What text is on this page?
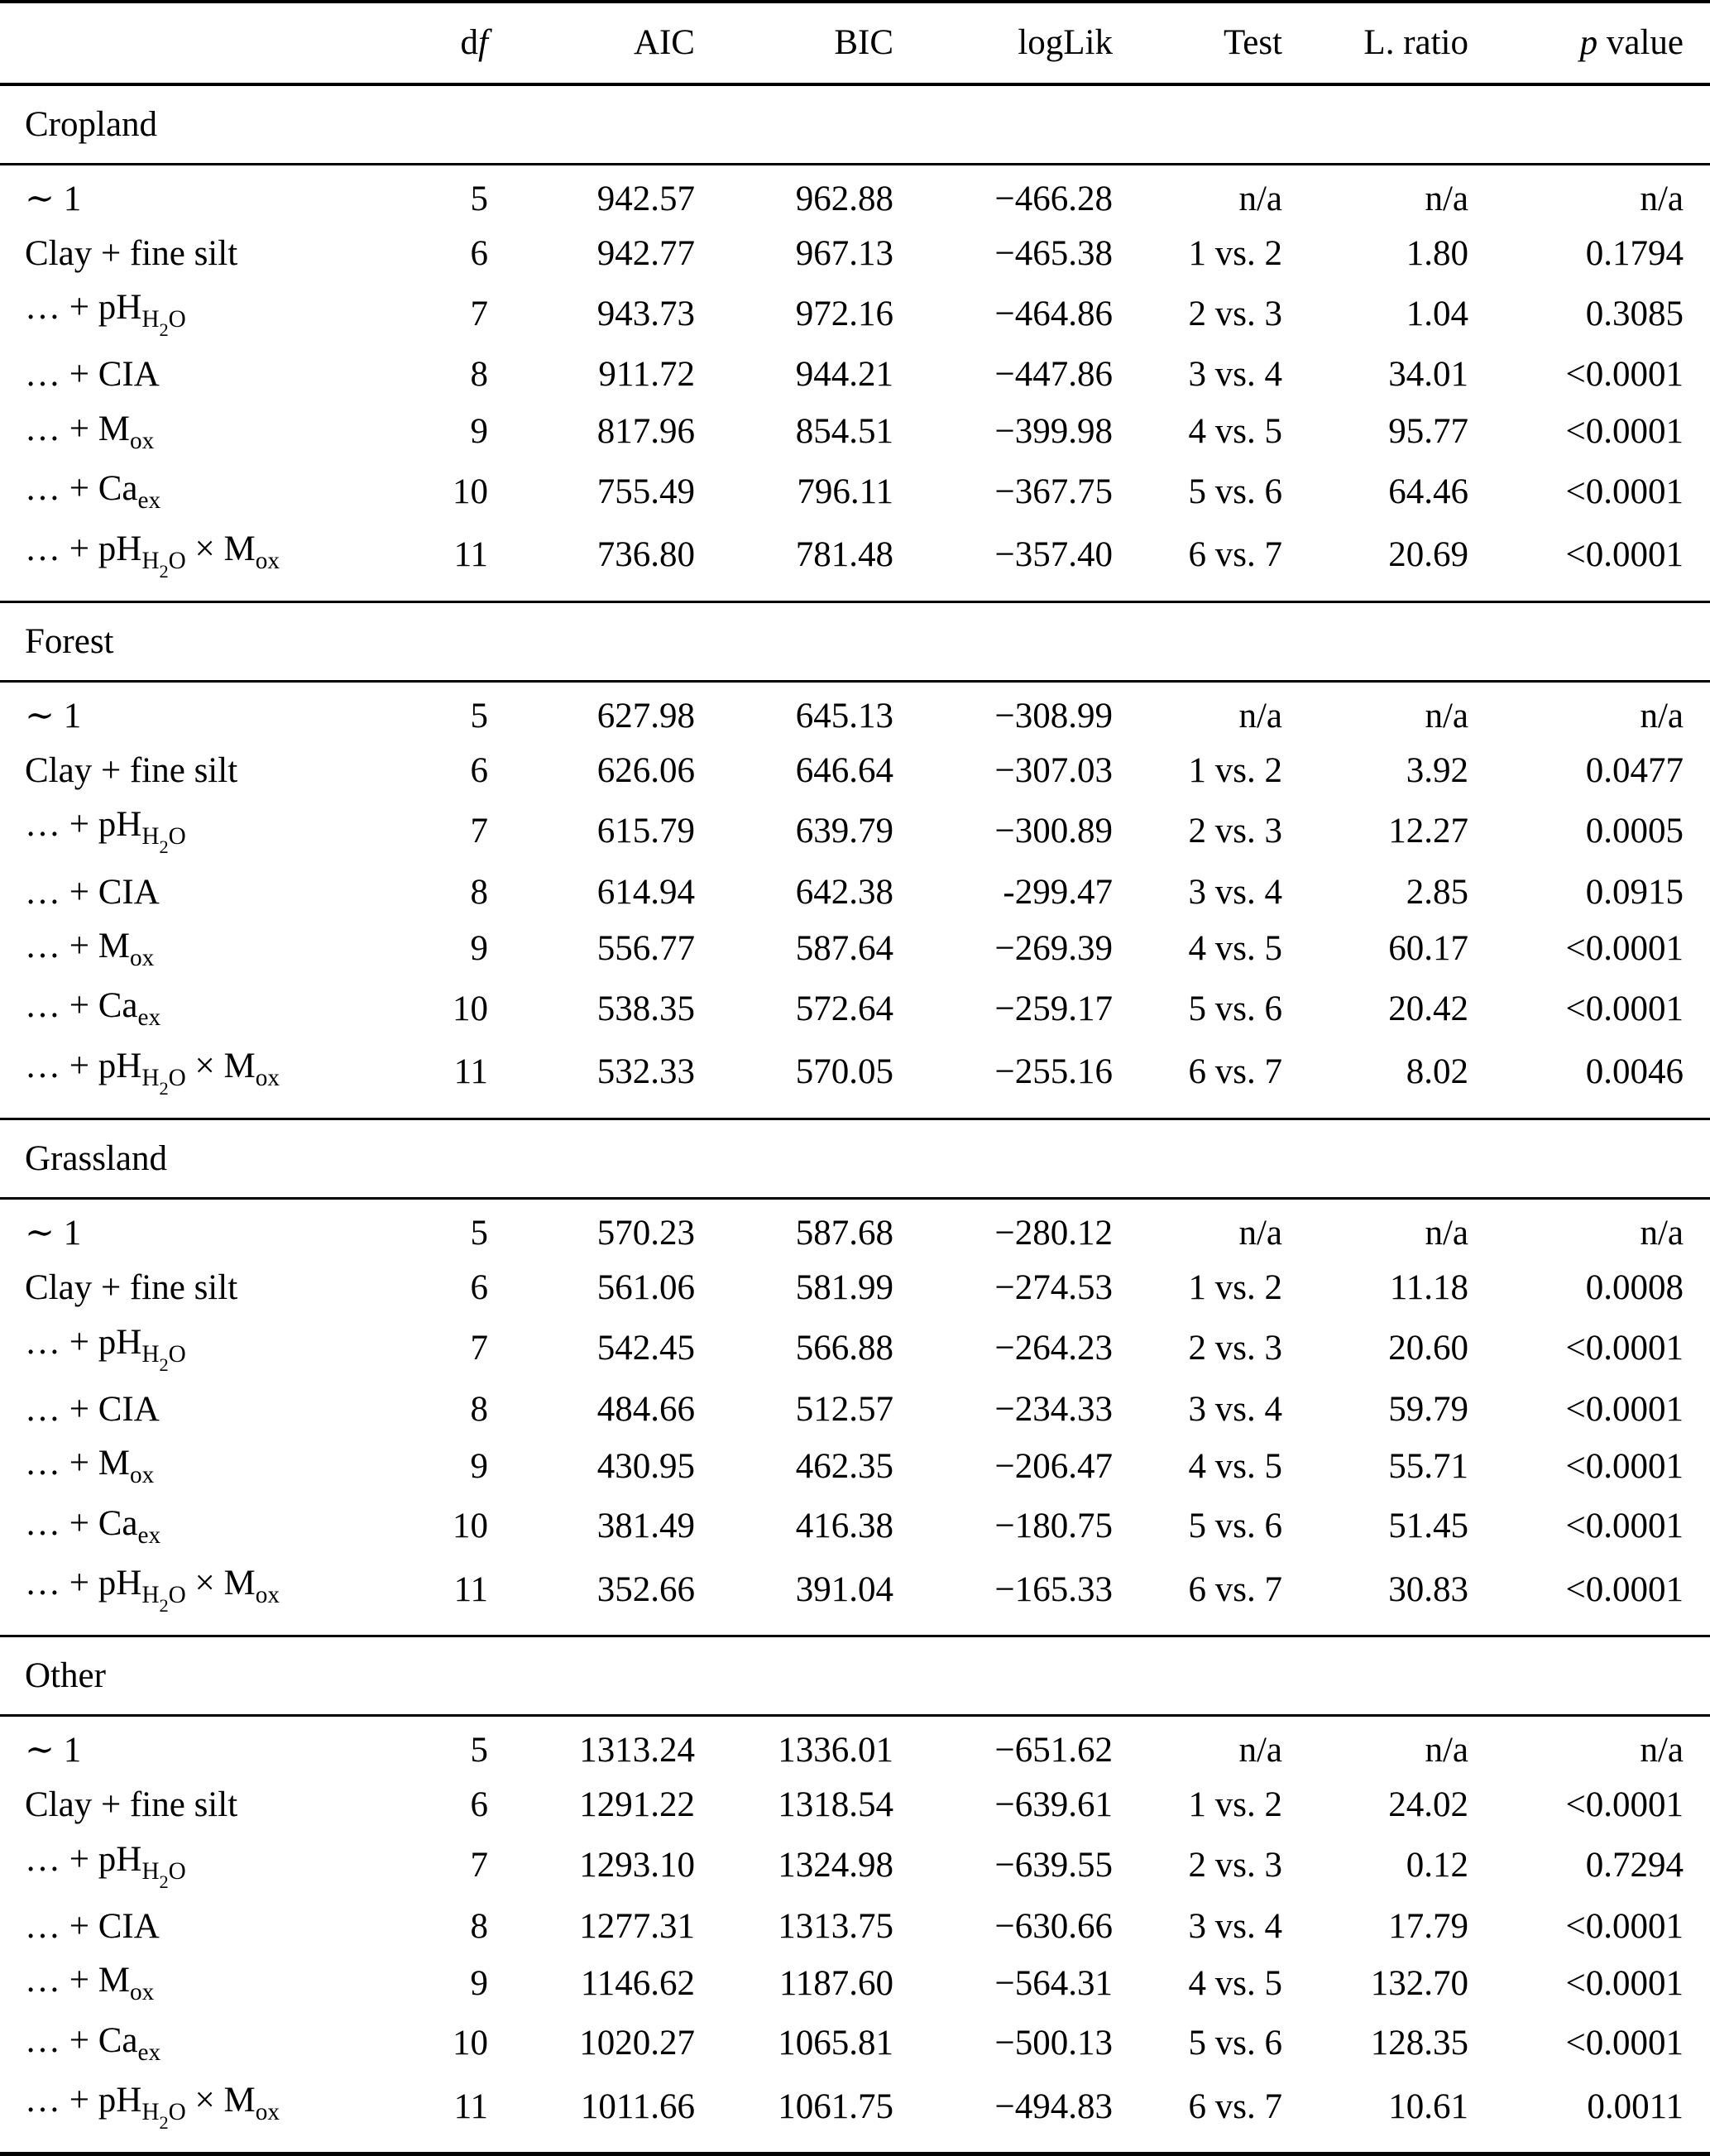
	df	AIC	BIC	logLik	Test	L. ratio	p value
Cropland							
∼ 1	5	942.57	962.88	−466.28	n/a	n/a	n/a
Clay + fine silt	6	942.77	967.13	−465.38	1 vs. 2	1.80	0.1794
… + $pH_{H2O}$	7	943.73	972.16	−464.86	2 vs. 3	1.04	0.3085
… + CIA	8	911.72	944.21	−447.86	3 vs. 4	34.01	<0.0001
… + $M_{ox}$	9	817.96	854.51	−399.98	4 vs. 5	95.77	<0.0001
… + $Ca_{ex}$	10	755.49	796.11	−367.75	5 vs. 6	64.46	<0.0001
… + $pH_{H2O} \times M_{ox}$	11	736.80	781.48	−357.40	6 vs. 7	20.69	<0.0001
Forest							
∼ 1	5	627.98	645.13	−308.99	n/a	n/a	n/a
Clay + fine silt	6	626.06	646.64	−307.03	1 vs. 2	3.92	0.0477
… + $pH_{H2O}$	7	615.79	639.79	−300.89	2 vs. 3	12.27	0.0005
… + CIA	8	614.94	642.38	-299.47	3 vs. 4	2.85	0.0915
… + $M_{ox}$	9	556.77	587.64	−269.39	4 vs. 5	60.17	<0.0001
… + $Ca_{ex}$	10	538.35	572.64	−259.17	5 vs. 6	20.42	<0.0001
… + $pH_{H2O} \times M_{ox}$	11	532.33	570.05	−255.16	6 vs. 7	8.02	0.0046
Grassland							
∼ 1	5	570.23	587.68	−280.12	n/a	n/a	n/a
Clay + fine silt	6	561.06	581.99	−274.53	1 vs. 2	11.18	0.0008
… + $pH_{H2O}$	7	542.45	566.88	−264.23	2 vs. 3	20.60	<0.0001
… + CIA	8	484.66	512.57	−234.33	3 vs. 4	59.79	<0.0001
… + $M_{ox}$	9	430.95	462.35	−206.47	4 vs. 5	55.71	<0.0001
… + $Ca_{ex}$	10	381.49	416.38	−180.75	5 vs. 6	51.45	<0.0001
… + $pH_{H2O} \times M_{ox}$	11	352.66	391.04	−165.33	6 vs. 7	30.83	<0.0001
Other							
∼ 1	5	1313.24	1336.01	−651.62	n/a	n/a	n/a
Clay + fine silt	6	1291.22	1318.54	−639.61	1 vs. 2	24.02	<0.0001
… + $pH_{H2O}$	7	1293.10	1324.98	−639.55	2 vs. 3	0.12	0.7294
… + CIA	8	1277.31	1313.75	−630.66	3 vs. 4	17.79	<0.0001
… + $M_{ox}$	9	1146.62	1187.60	−564.31	4 vs. 5	132.70	<0.0001
… + $Ca_{ex}$	10	1020.27	1065.81	−500.13	5 vs. 6	128.35	<0.0001
… + $pH_{H2O} \times M_{ox}$	11	1011.66	1061.75	−494.83	6 vs. 7	10.61	0.0011
